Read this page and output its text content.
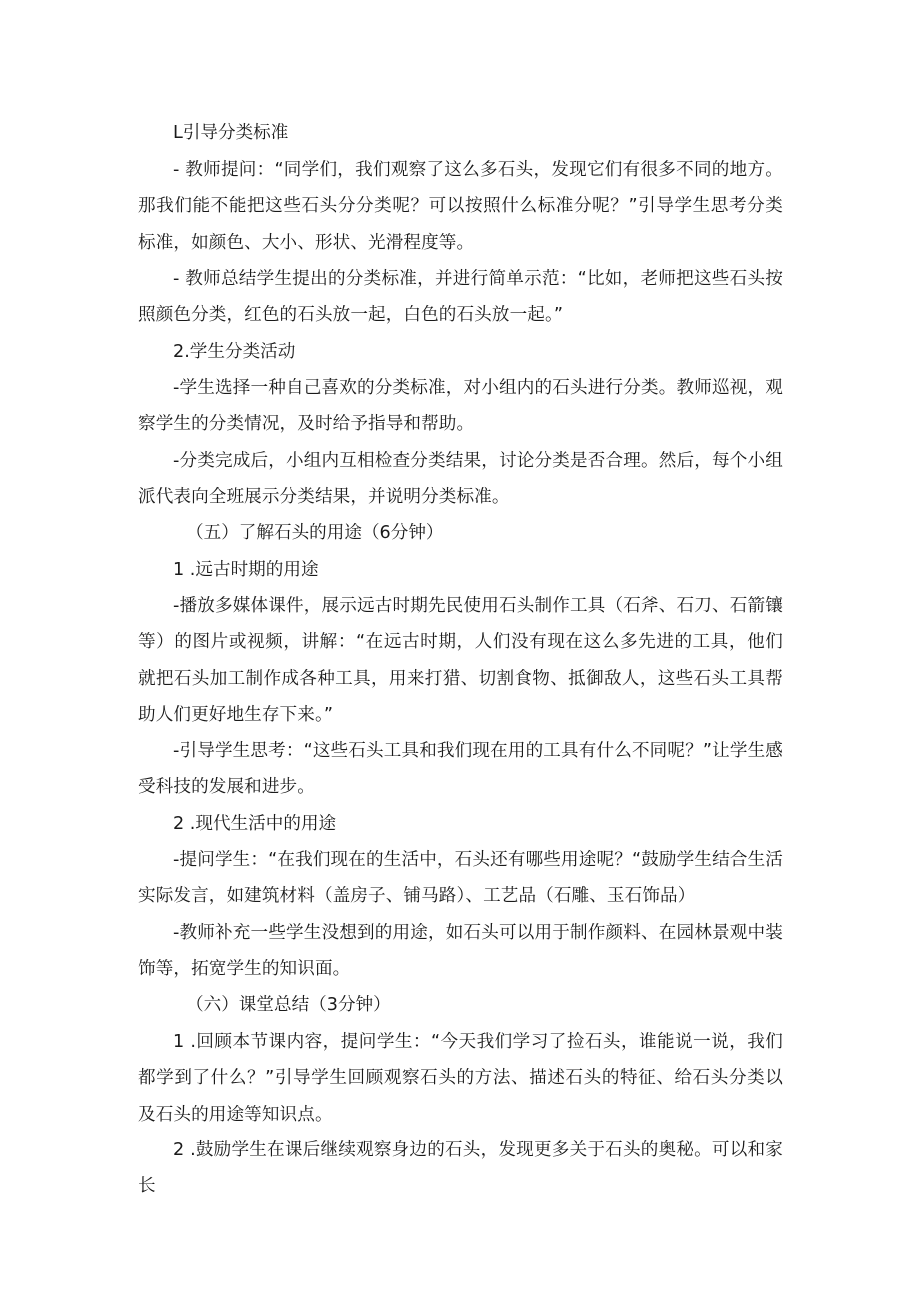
L引导分类标准

- 教师提问：“同学们，我们观察了这么多石头，发现它们有很多不同的地方。那我们能不能把这些石头分分类呢？可以按照什么标准分呢？”引导学生思考分类标准，如颜色、大小、形状、光滑程度等。

- 教师总结学生提出的分类标准，并进行简单示范：“比如，老师把这些石头按照颜色分类，红色的石头放一起，白色的石头放一起。”

2.学生分类活动

-学生选择一种自己喜欢的分类标准，对小组内的石头进行分类。教师巡视，观察学生的分类情况，及时给予指导和帮助。

-分类完成后，小组内互相检查分类结果，讨论分类是否合理。然后，每个小组派代表向全班展示分类结果，并说明分类标准。

（五）了解石头的用途（6分钟）

1 .远古时期的用途

-播放多媒体课件，展示远古时期先民使用石头制作工具（石斧、石刀、石箭镶等）的图片或视频，讲解：“在远古时期，人们没有现在这么多先进的工具，他们就把石头加工制作成各种工具，用来打猎、切割食物、抵御敌人，这些石头工具帮助人们更好地生存下来。”

-引导学生思考：“这些石头工具和我们现在用的工具有什么不同呢？”让学生感受科技的发展和进步。

2 .现代生活中的用途

-提问学生：“在我们现在的生活中，石头还有哪些用途呢？“鼓励学生结合生活实际发言，如建筑材料（盖房子、铺马路）、工艺品（石雕、玉石饰品）

-教师补充一些学生没想到的用途，如石头可以用于制作颜料、在园林景观中装饰等，拓宽学生的知识面。

（六）课堂总结（3分钟）

1 .回顾本节课内容，提问学生：“今天我们学习了捡石头，谁能说一说，我们都学到了什么？”引导学生回顾观察石头的方法、描述石头的特征、给石头分类以及石头的用途等知识点。

2 .鼓励学生在课后继续观察身边的石头，发现更多关于石头的奥秘。可以和家长
